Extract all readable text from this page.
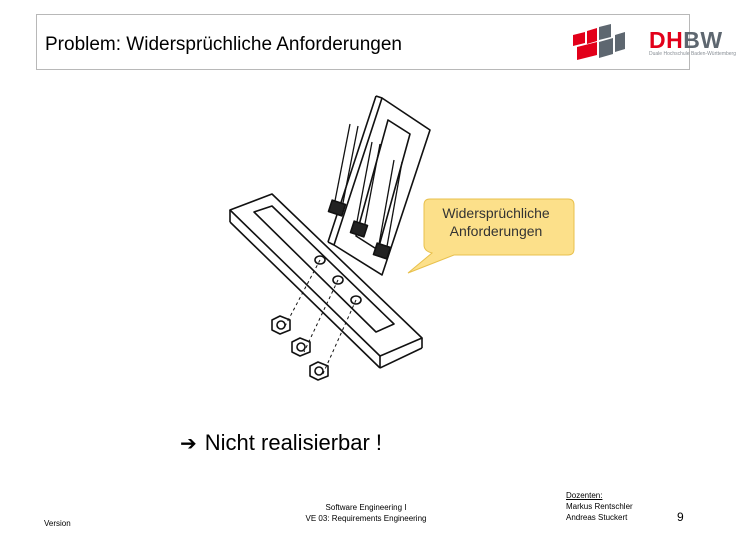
Problem: Widersprüchliche Anforderungen	DHBW
Duale Hochschule Baden-Württemberg
Widersprüchliche
Anforderungen
➔ Nicht realisierbar !
Version
Software Engineering I
VE 03: Requirements Engineering
Dozenten:
Markus Rentschler
Andreas Stuckert	9
